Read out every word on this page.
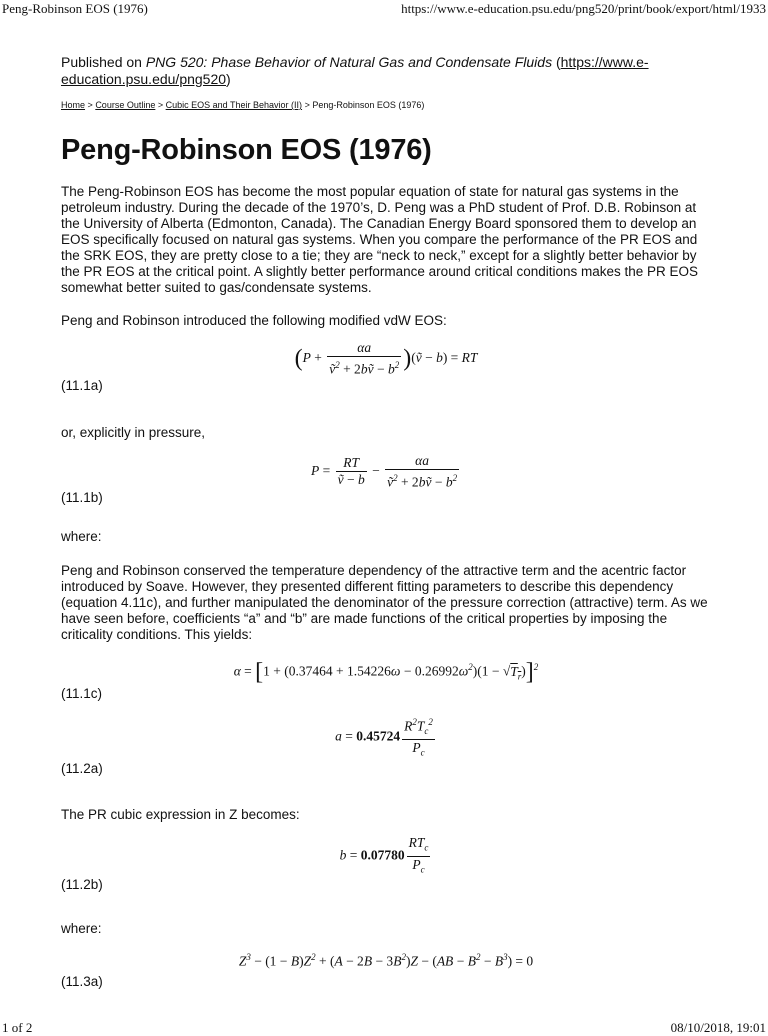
Peng-Robinson EOS (1976)	https://www.e-education.psu.edu/png520/print/book/export/html/1933

Published on PNG 520: Phase Behavior of Natural Gas and Condensate Fluids (https://www.e-education.psu.edu/png520)

Home > Course Outline > Cubic EOS and Their Behavior (II) > Peng-Robinson EOS (1976)
Peng-Robinson EOS (1976)

The Peng-Robinson EOS has become the most popular equation of state for natural gas systems in the petroleum industry. During the decade of the 1970’s, D. Peng was a PhD student of Prof. D.B. Robinson at the University of Alberta (Edmonton, Canada). The Canadian Energy Board sponsored them to develop an EOS specifically focused on natural gas systems. When you compare the performance of the PR EOS and the SRK EOS, they are pretty close to a tie; they are “neck to neck,” except for a slightly better behavior by the PR EOS at the critical point. A slightly better performance around critical conditions makes the PR EOS somewhat better suited to gas/condensate systems.

Peng and Robinson introduced the following modified vdW EOS:

($P + \frac{\alpha a}{ṽ^2 + 2bṽ - b^2}$ )(ṽ − b) = RT
(11.1a)

or, explicitly in pressure,

$P = \frac{RT}{\text{ṽ − b}} - \frac{\alpha a}{ṽ^2 + 2bṽ - b^2}$
(11.1b)

where:

Peng and Robinson conserved the temperature dependency of the attractive term and the acentric factor introduced by Soave. However, they presented different fitting parameters to describe this dependency (equation 4.11c), and further manipulated the denominator of the pressure correction (attractive) term. As we have seen before, coefficients “a” and “b” are made functions of the critical properties by imposing the criticality conditions. This yields:

$\alpha = [1 + (0.37464 + 1.54226\omega - 0.26992\omega^2)(1 - √T_r)]^2$
(11.1c)
$a = 0.45724 \frac{R^2T_c^2}{P_c}$
(11.2a)

The PR cubic expression in Z becomes:

$b = 0.07780 \frac{RT_c}{P_c}$
(11.2b)

where:

$Z^3 - (1 - B)Z^2 + (A - 2B - 3B^2)Z - (AB - B^2 - B^3) = 0$
(11.3a)
1 of 2	08/10/2018, 19:01
